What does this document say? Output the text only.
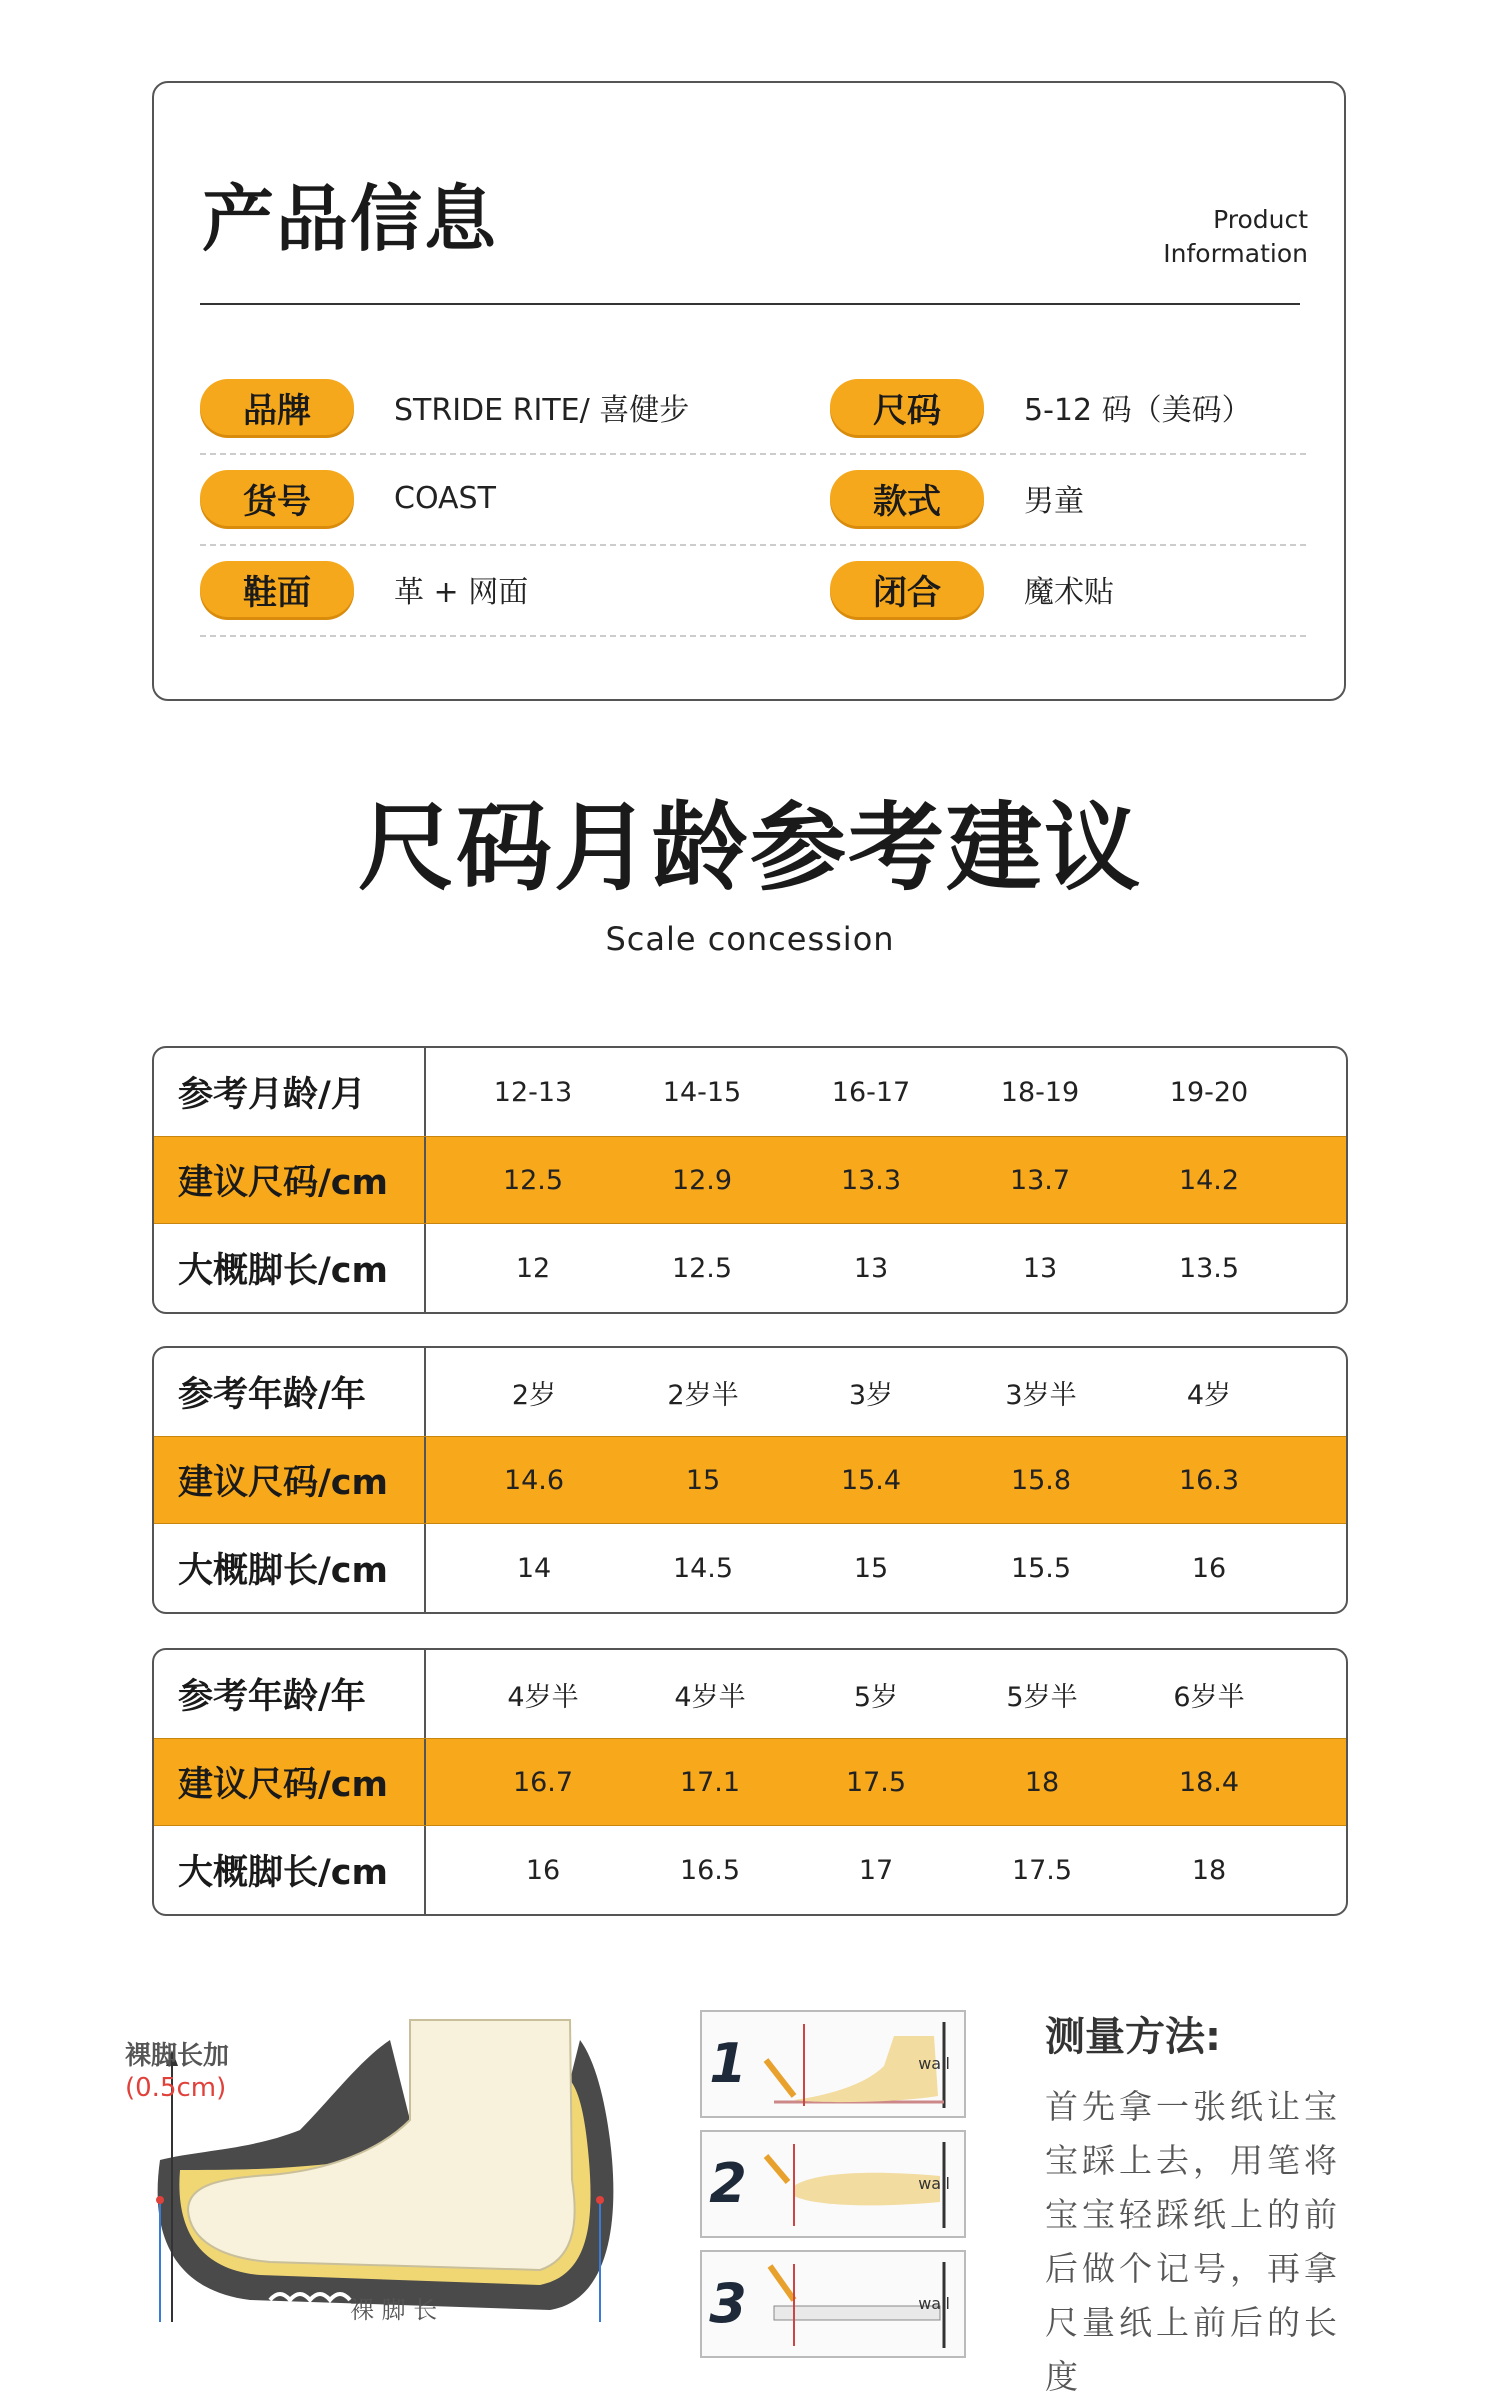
产品信息	Product
Information
品牌	STRIDE RITE/ 喜健步	尺码	5-12 码（美码）
货号	COAST	款式	男童
鞋面	革 + 网面	闭合	魔术贴
尺码月龄参考建议
Scale concession
参考月龄/月	12-13	14-15	16-17	18-19	19-20
建议尺码/cm	12.5	12.9	13.3	13.7	14.2
大概脚长/cm	12	12.5	13	13	13.5
参考年龄/年	2岁	2岁半	3岁	3岁半	4岁
建议尺码/cm	14.6	15	15.4	15.8	16.3
大概脚长/cm	14	14.5	15	15.5	16
参考年龄/年	4岁半	4岁半	5岁	5岁半	6岁半
建议尺码/cm	16.7	17.1	17.5	18	18.4
大概脚长/cm	16	16.5	17	17.5	18
裸 脚 长
裸脚长加
(0.5cm)	1	wall
2	wall
3	wall
测量方法:
首先拿一张纸让宝宝踩上去，用笔将宝宝轻踩纸上的前后做个记号，再拿尺量纸上前后的长度
